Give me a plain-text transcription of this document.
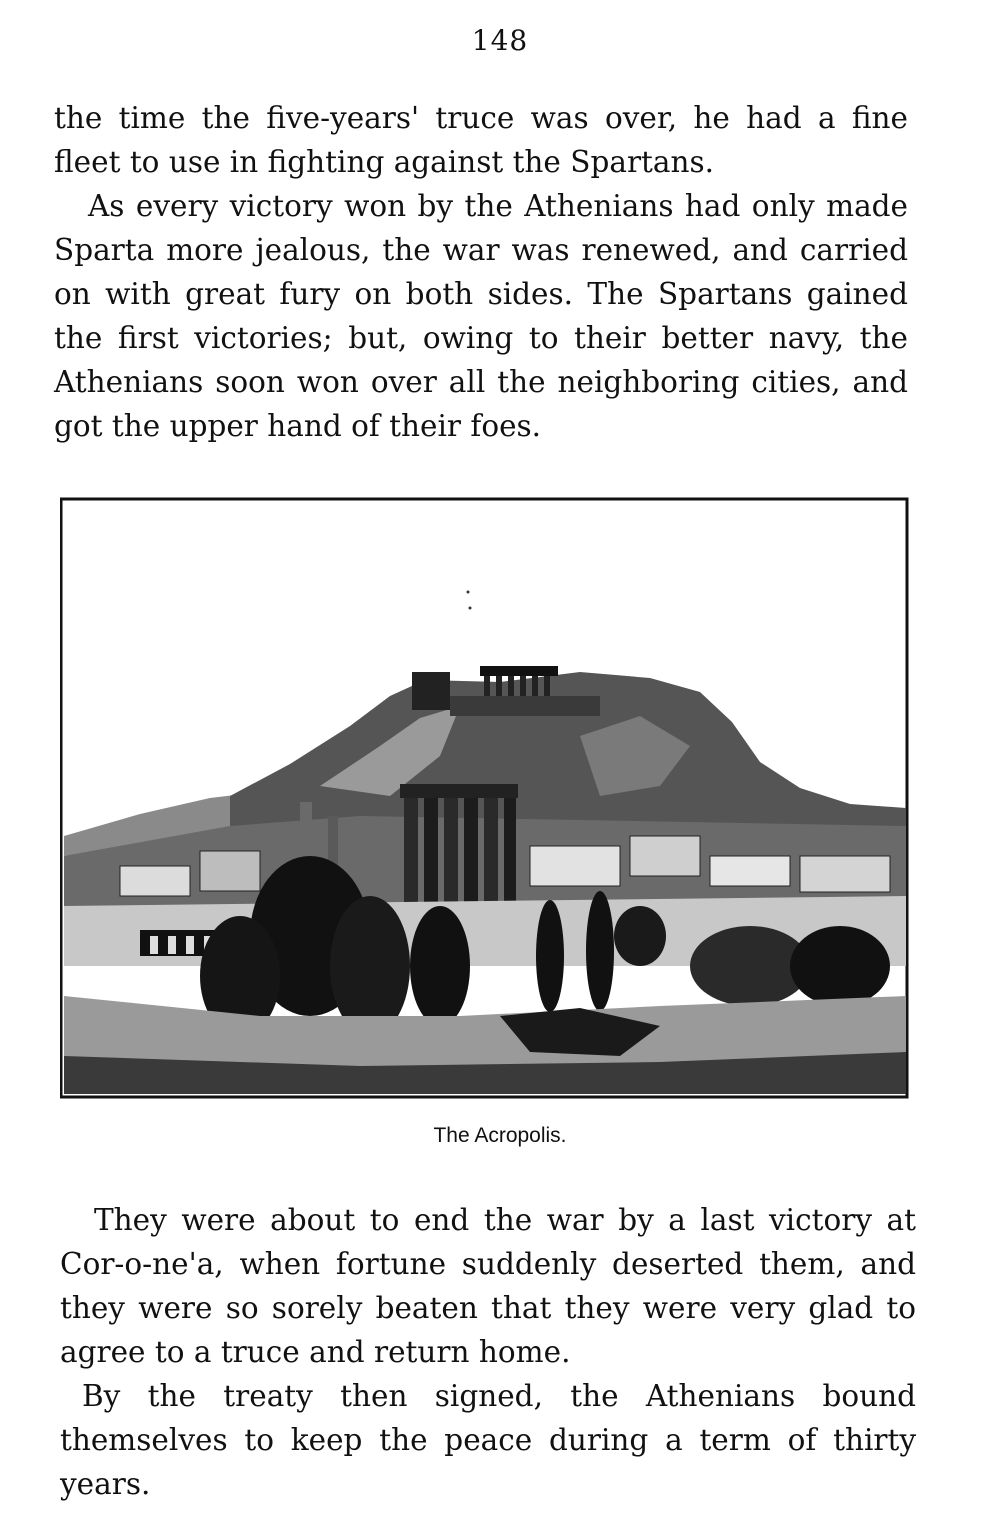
148

the time the five-years' truce was over, he had a fine fleet to use in fighting against the Spartans.

As every victory won by the Athenians had only made Sparta more jealous, the war was renewed, and carried on with great fury on both sides. The Spartans gained the first victories; but, owing to their better navy, the Athenians soon won over all the neighboring cities, and got the upper hand of their foes.

The Acropolis.

They were about to end the war by a last victory at Cor-o-ne'a, when fortune suddenly deserted them, and they were so sorely beaten that they were very glad to agree to a truce and return home.

By the treaty then signed, the Athenians bound themselves to keep the peace during a term of thirty years.
